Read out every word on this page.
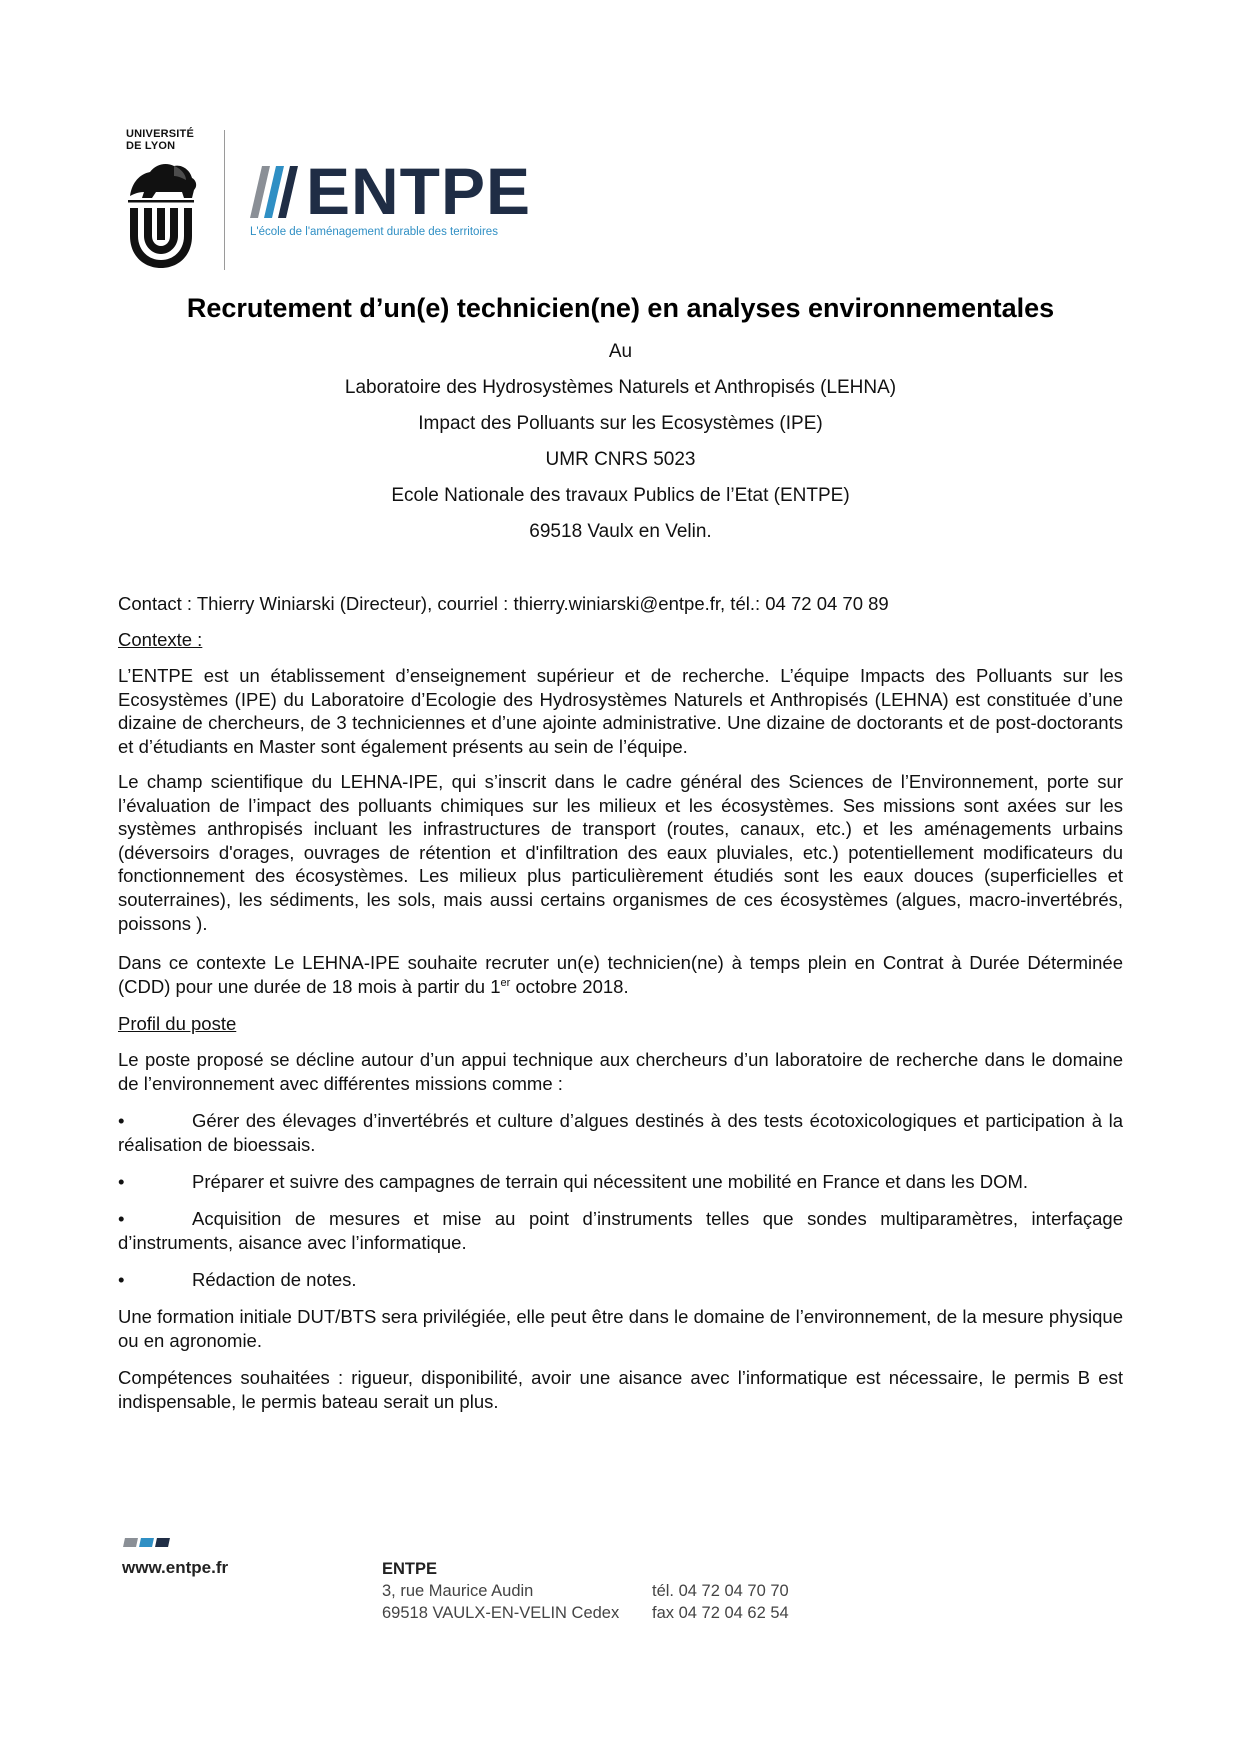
UNIVERSITÉ
DE LYON
ENTPE
L'école de l'aménagement durable des territoires
Recrutement d’un(e) technicien(ne) en analyses environnementales
Au
Laboratoire des Hydrosystèmes Naturels et Anthropisés (LEHNA)
Impact des Polluants sur les Ecosystèmes (IPE)
UMR CNRS 5023
Ecole Nationale des travaux Publics de l’Etat (ENTPE)
69518 Vaulx en Velin.
Contact : Thierry Winiarski (Directeur), courriel : thierry.winiarski@entpe.fr, tél.: 04 72 04 70 89
Contexte :
L’ENTPE est un établissement d’enseignement supérieur et de recherche. L’équipe Impacts des Polluants sur les Ecosystèmes (IPE) du Laboratoire d’Ecologie des Hydrosystèmes Naturels et Anthropisés (LEHNA) est constituée d’une dizaine de chercheurs, de 3 techniciennes et d’une ajointe administrative. Une dizaine de doctorants et de post-doctorants et d’étudiants en Master sont également présents au sein de l’équipe.
Le champ scientifique du LEHNA-IPE, qui s’inscrit dans le cadre général des Sciences de l’Environnement, porte sur l’évaluation de l’impact des polluants chimiques sur les milieux et les écosystèmes. Ses missions sont axées sur les systèmes anthropisés incluant les infrastructures de transport (routes, canaux, etc.) et les aménagements urbains (déversoirs d'orages, ouvrages de rétention et d'infiltration des eaux pluviales, etc.) potentiellement modificateurs du fonctionnement des écosystèmes. Les milieux plus particulièrement étudiés sont les eaux douces (superficielles et souterraines), les sédiments, les sols, mais aussi certains organismes de ces écosystèmes (algues, macro-invertébrés, poissons ).
Dans ce contexte Le LEHNA-IPE souhaite recruter un(e) technicien(ne) à temps plein en Contrat à Durée Déterminée (CDD) pour une durée de 18 mois à partir du 1er octobre 2018.
Profil du poste
Le poste proposé se décline autour d’un appui technique aux chercheurs d’un laboratoire de recherche dans le domaine de l’environnement avec différentes missions comme :
•	Gérer des élevages d’invertébrés et culture d’algues destinés à des tests écotoxicologiques et participation à la réalisation de bioessais.
•	Préparer et suivre des campagnes de terrain qui nécessitent une mobilité en France et dans les DOM.
•	Acquisition de mesures et mise au point d’instruments telles que sondes multiparamètres, interfaçage d’instruments, aisance avec l’informatique.
•	Rédaction de notes.
Une formation initiale DUT/BTS sera privilégiée, elle peut être dans le domaine de l’environnement, de la mesure physique ou en agronomie.
Compétences souhaitées : rigueur, disponibilité, avoir une aisance avec l’informatique est nécessaire, le permis B est indispensable, le permis bateau serait un plus.
www.entpe.fr	ENTPE
3, rue Maurice Audin
69518 VAULX-EN-VELIN Cedex
tél. 04 72 04 70 70
fax 04 72 04 62 54
